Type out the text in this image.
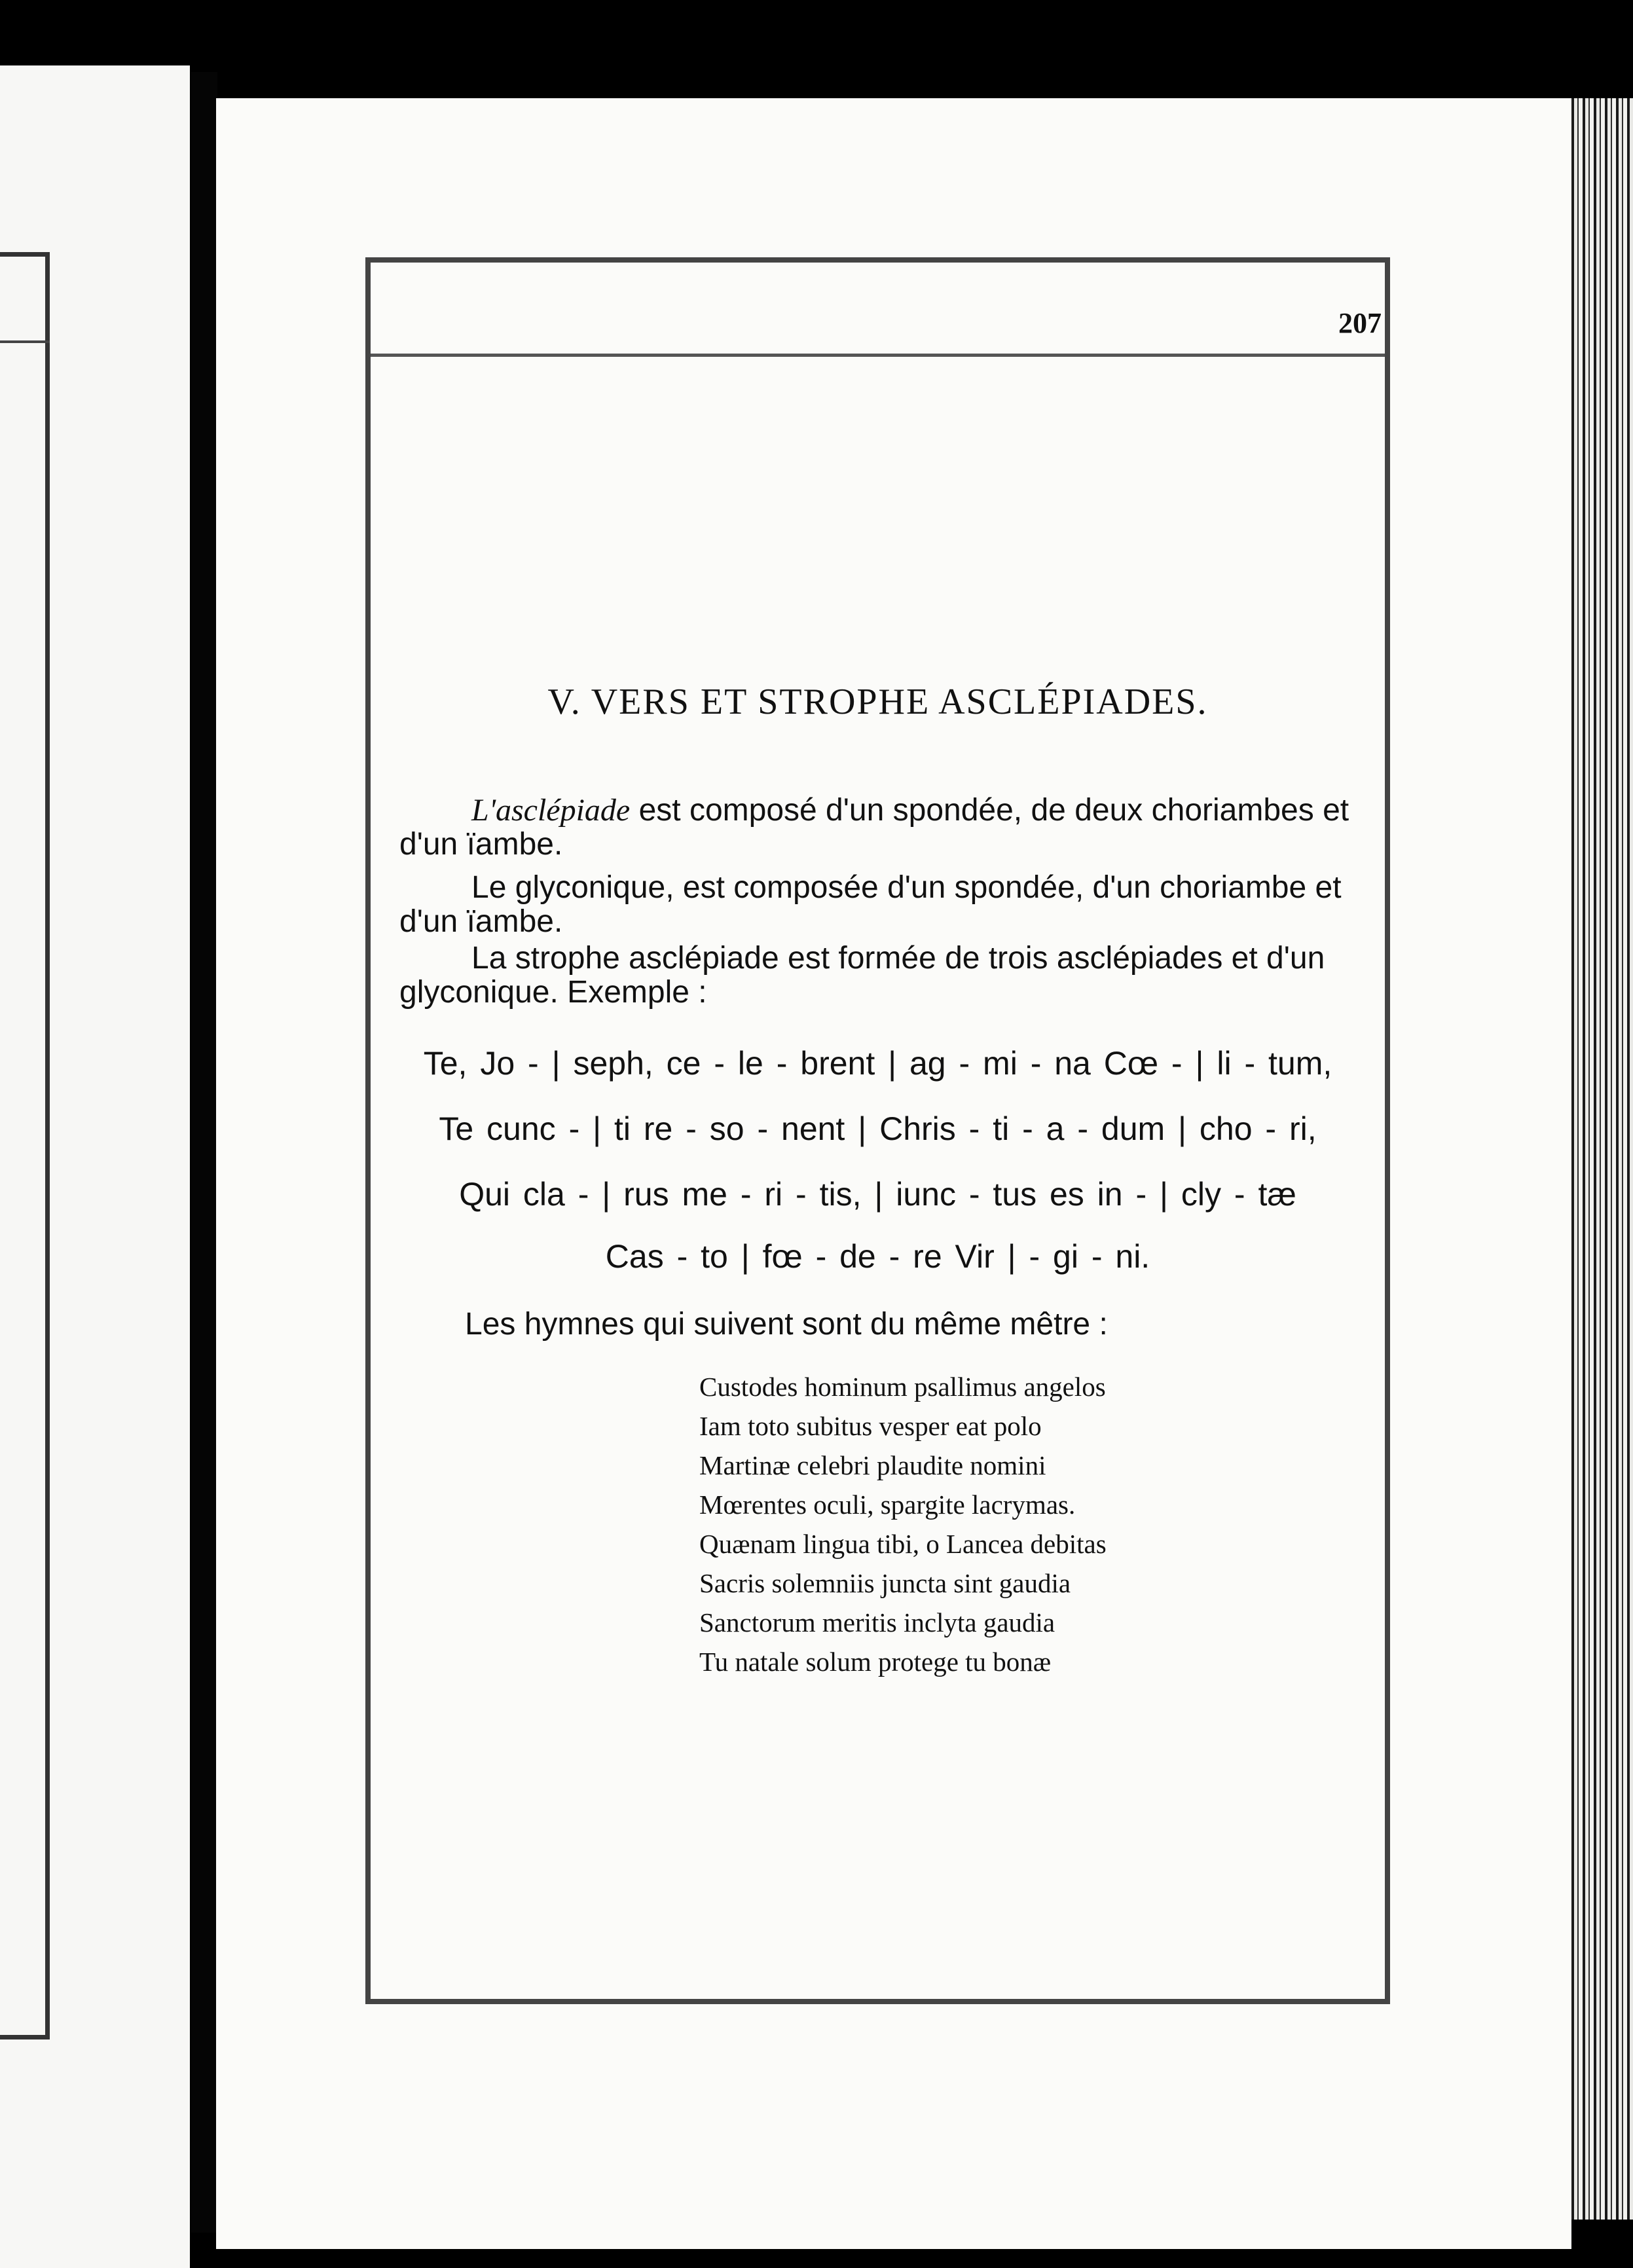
207
V. VERS ET STROPHE ASCLÉPIADES.
L'asclépiade est composé d'un spondée, de deux choriambes et d'un ïambe.
Le glyconique, est composée d'un spondée, d'un choriambe et d'un ïambe.
La strophe asclépiade est formée de trois asclépiades et d'un glyconique. Exemple :
Te, Jo - | seph, ce - le - brent | ag - mi - na Cœ - | li - tum,
Te cunc - | ti re - so - nent | Chris - ti - a - dum | cho - ri,
Qui cla - | rus me - ri - tis, | iunc - tus es in - | cly - tæ
Cas - to | fœ - de - re Vir | - gi - ni.
Les hymnes qui suivent sont du même mêtre :
Custodes hominum psallimus angelos
Iam toto subitus vesper eat polo
Martinæ celebri plaudite nomini
Mœrentes oculi, spargite lacrymas.
Quænam lingua tibi, o Lancea debitas
Sacris solemniis juncta sint gaudia
Sanctorum meritis inclyta gaudia
Tu natale solum protege tu bonæ
